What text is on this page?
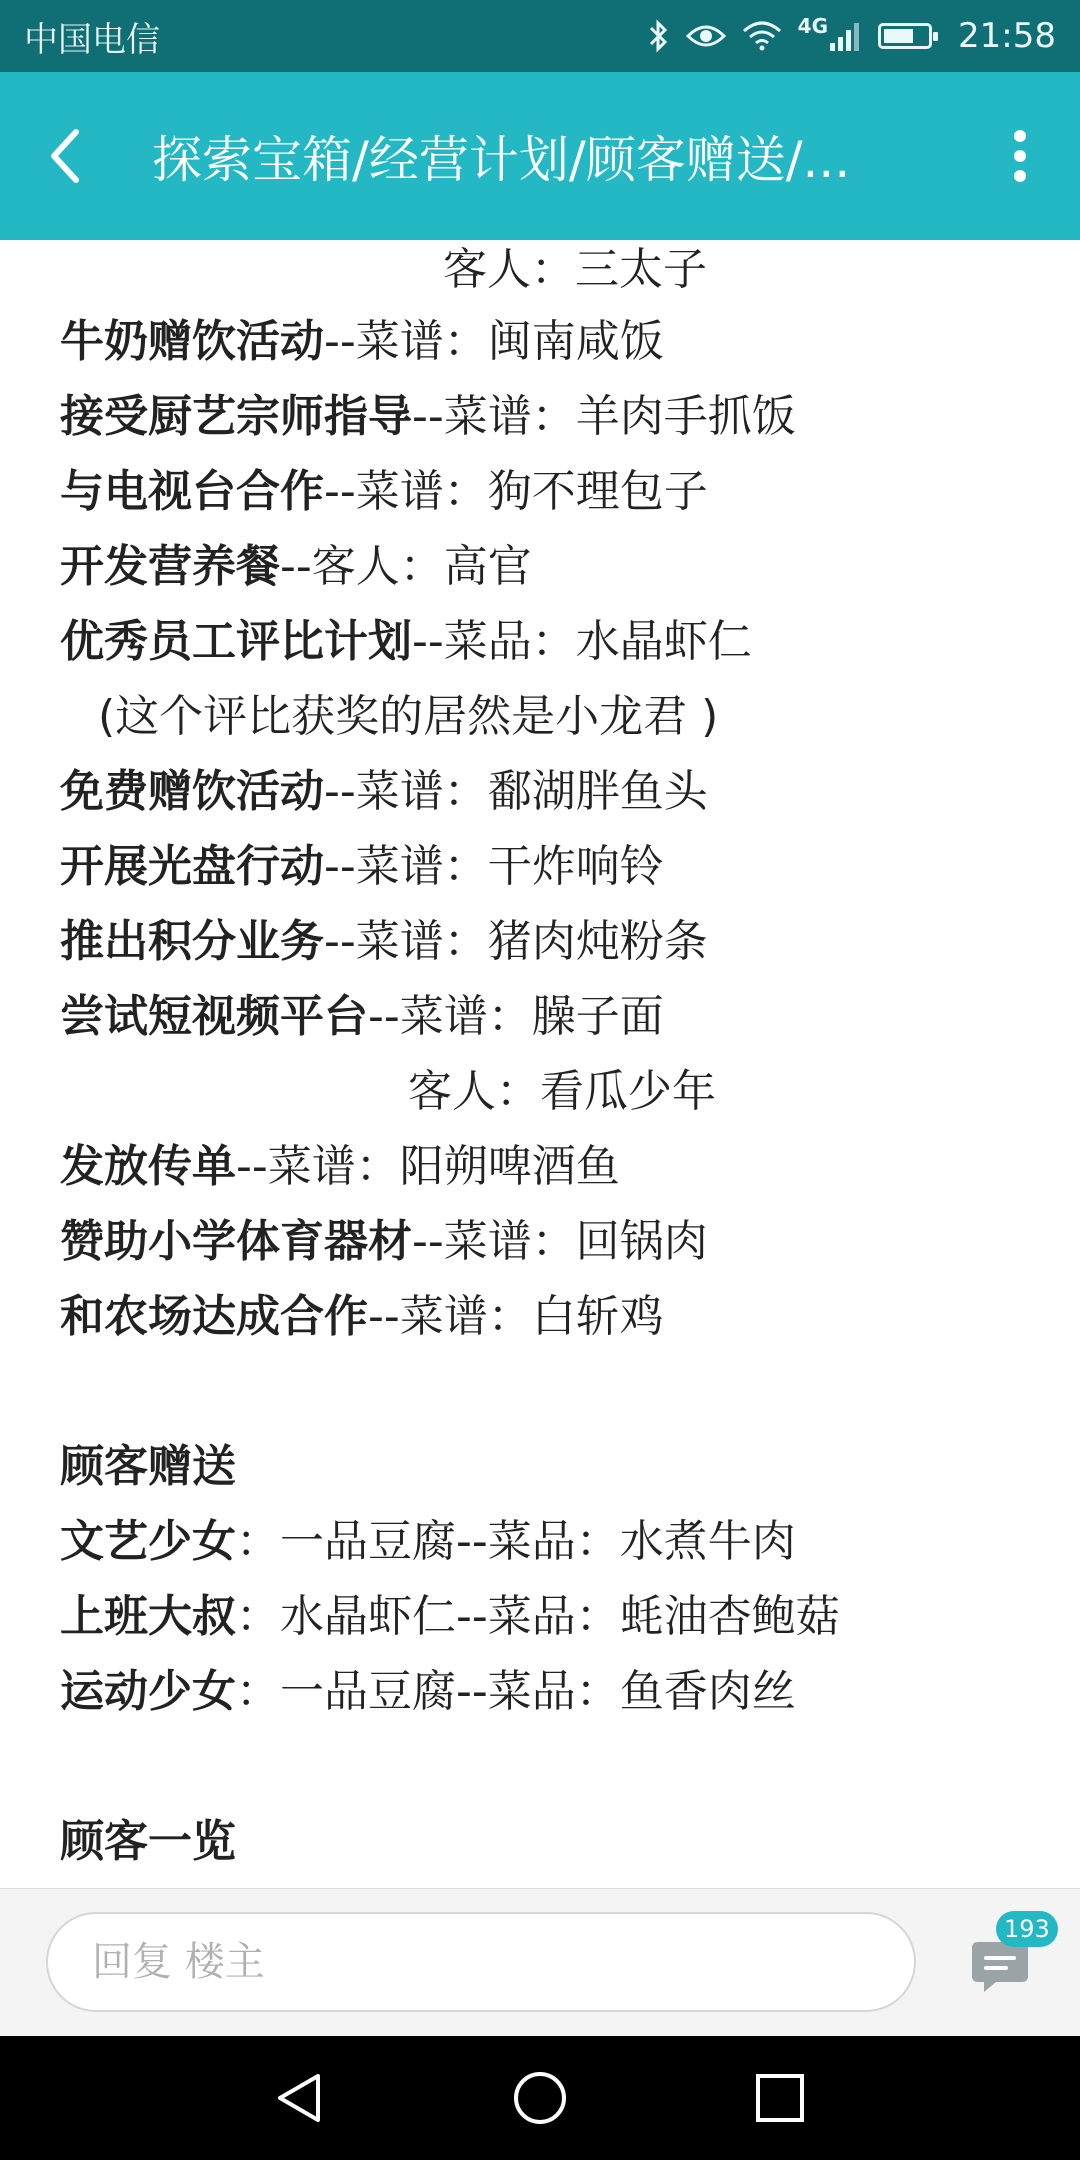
中国电信	4G	21:58
探索宝箱/经营计划/顾客赠送/...
客人：三太子
牛奶赠饮活动--菜谱：闽南咸饭
接受厨艺宗师指导--菜谱：羊肉手抓饭
与电视台合作--菜谱：狗不理包子
开发营养餐--客人：高官
优秀员工评比计划--菜品：水晶虾仁
(这个评比获奖的居然是小龙君 )
免费赠饮活动--菜谱：鄱湖胖鱼头
开展光盘行动--菜谱：干炸响铃
推出积分业务--菜谱：猪肉炖粉条
尝试短视频平台--菜谱：臊子面
客人：看瓜少年
发放传单--菜谱：阳朔啤酒鱼
赞助小学体育器材--菜谱：回锅肉
和农场达成合作--菜谱：白斩鸡
顾客赠送
文艺少女：一品豆腐--菜品：水煮牛肉
上班大叔：水晶虾仁--菜品：蚝油杏鲍菇
运动少女：一品豆腐--菜品：鱼香肉丝
顾客一览
回复 楼主
193
